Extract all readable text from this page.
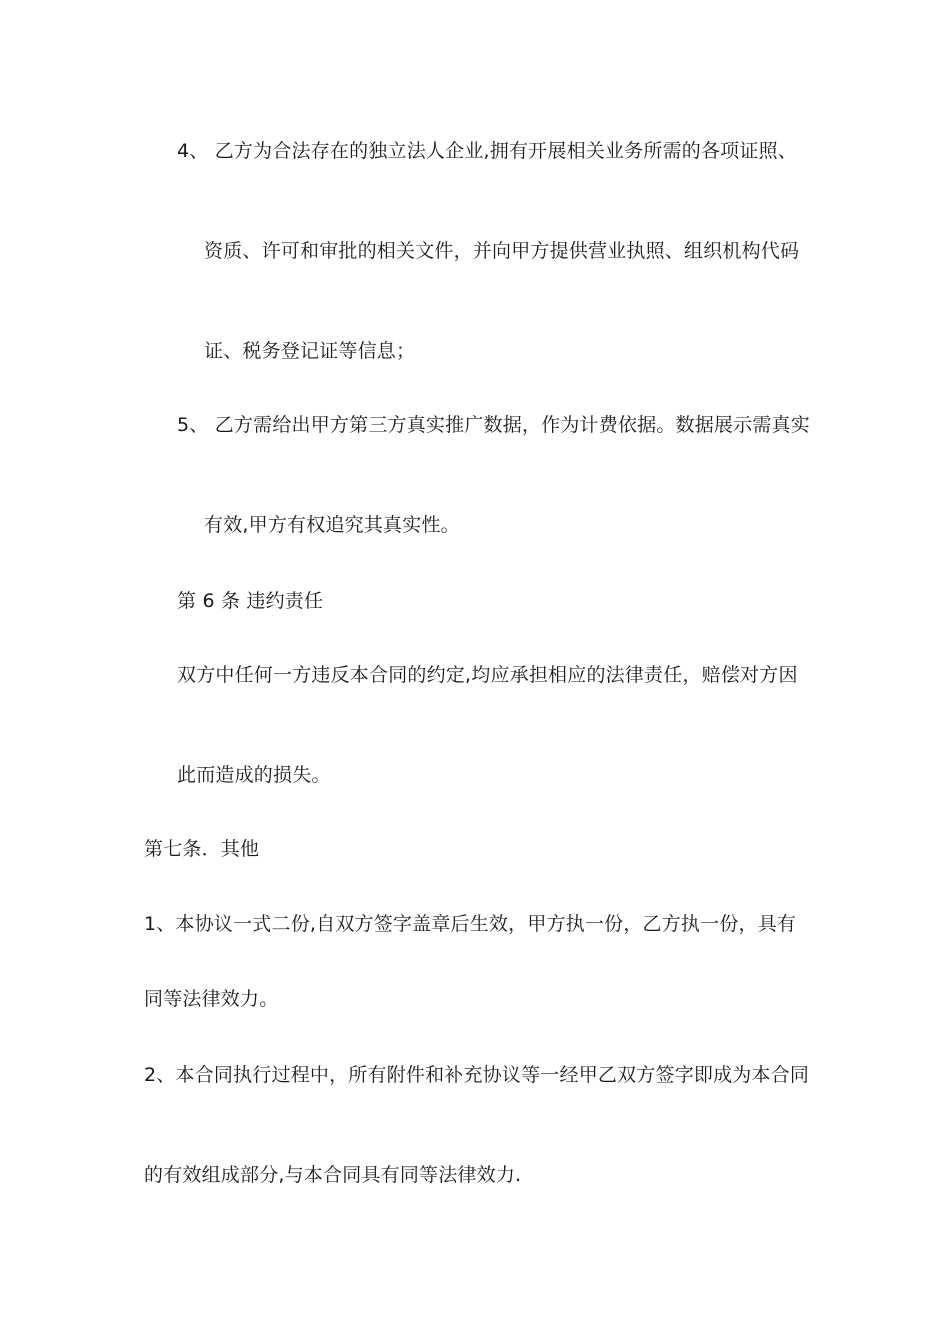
4、 乙方为合法存在的独立法人企业,拥有开展相关业务所需的各项证照、
资质、许可和审批的相关文件，并向甲方提供营业执照、组织机构代码
证、税务登记证等信息；
5、 乙方需给出甲方第三方真实推广数据，作为计费依据。数据展示需真实
有效,甲方有权追究其真实性。
第 6 条 违约责任
双方中任何一方违反本合同的约定,均应承担相应的法律责任，赔偿对方因
此而造成的损失。
第七条．其他
1、本协议一式二份,自双方签字盖章后生效，甲方执一份，乙方执一份，具有
同等法律效力。
2、本合同执行过程中，所有附件和补充协议等一经甲乙双方签字即成为本合同
的有效组成部分,与本合同具有同等法律效力.
